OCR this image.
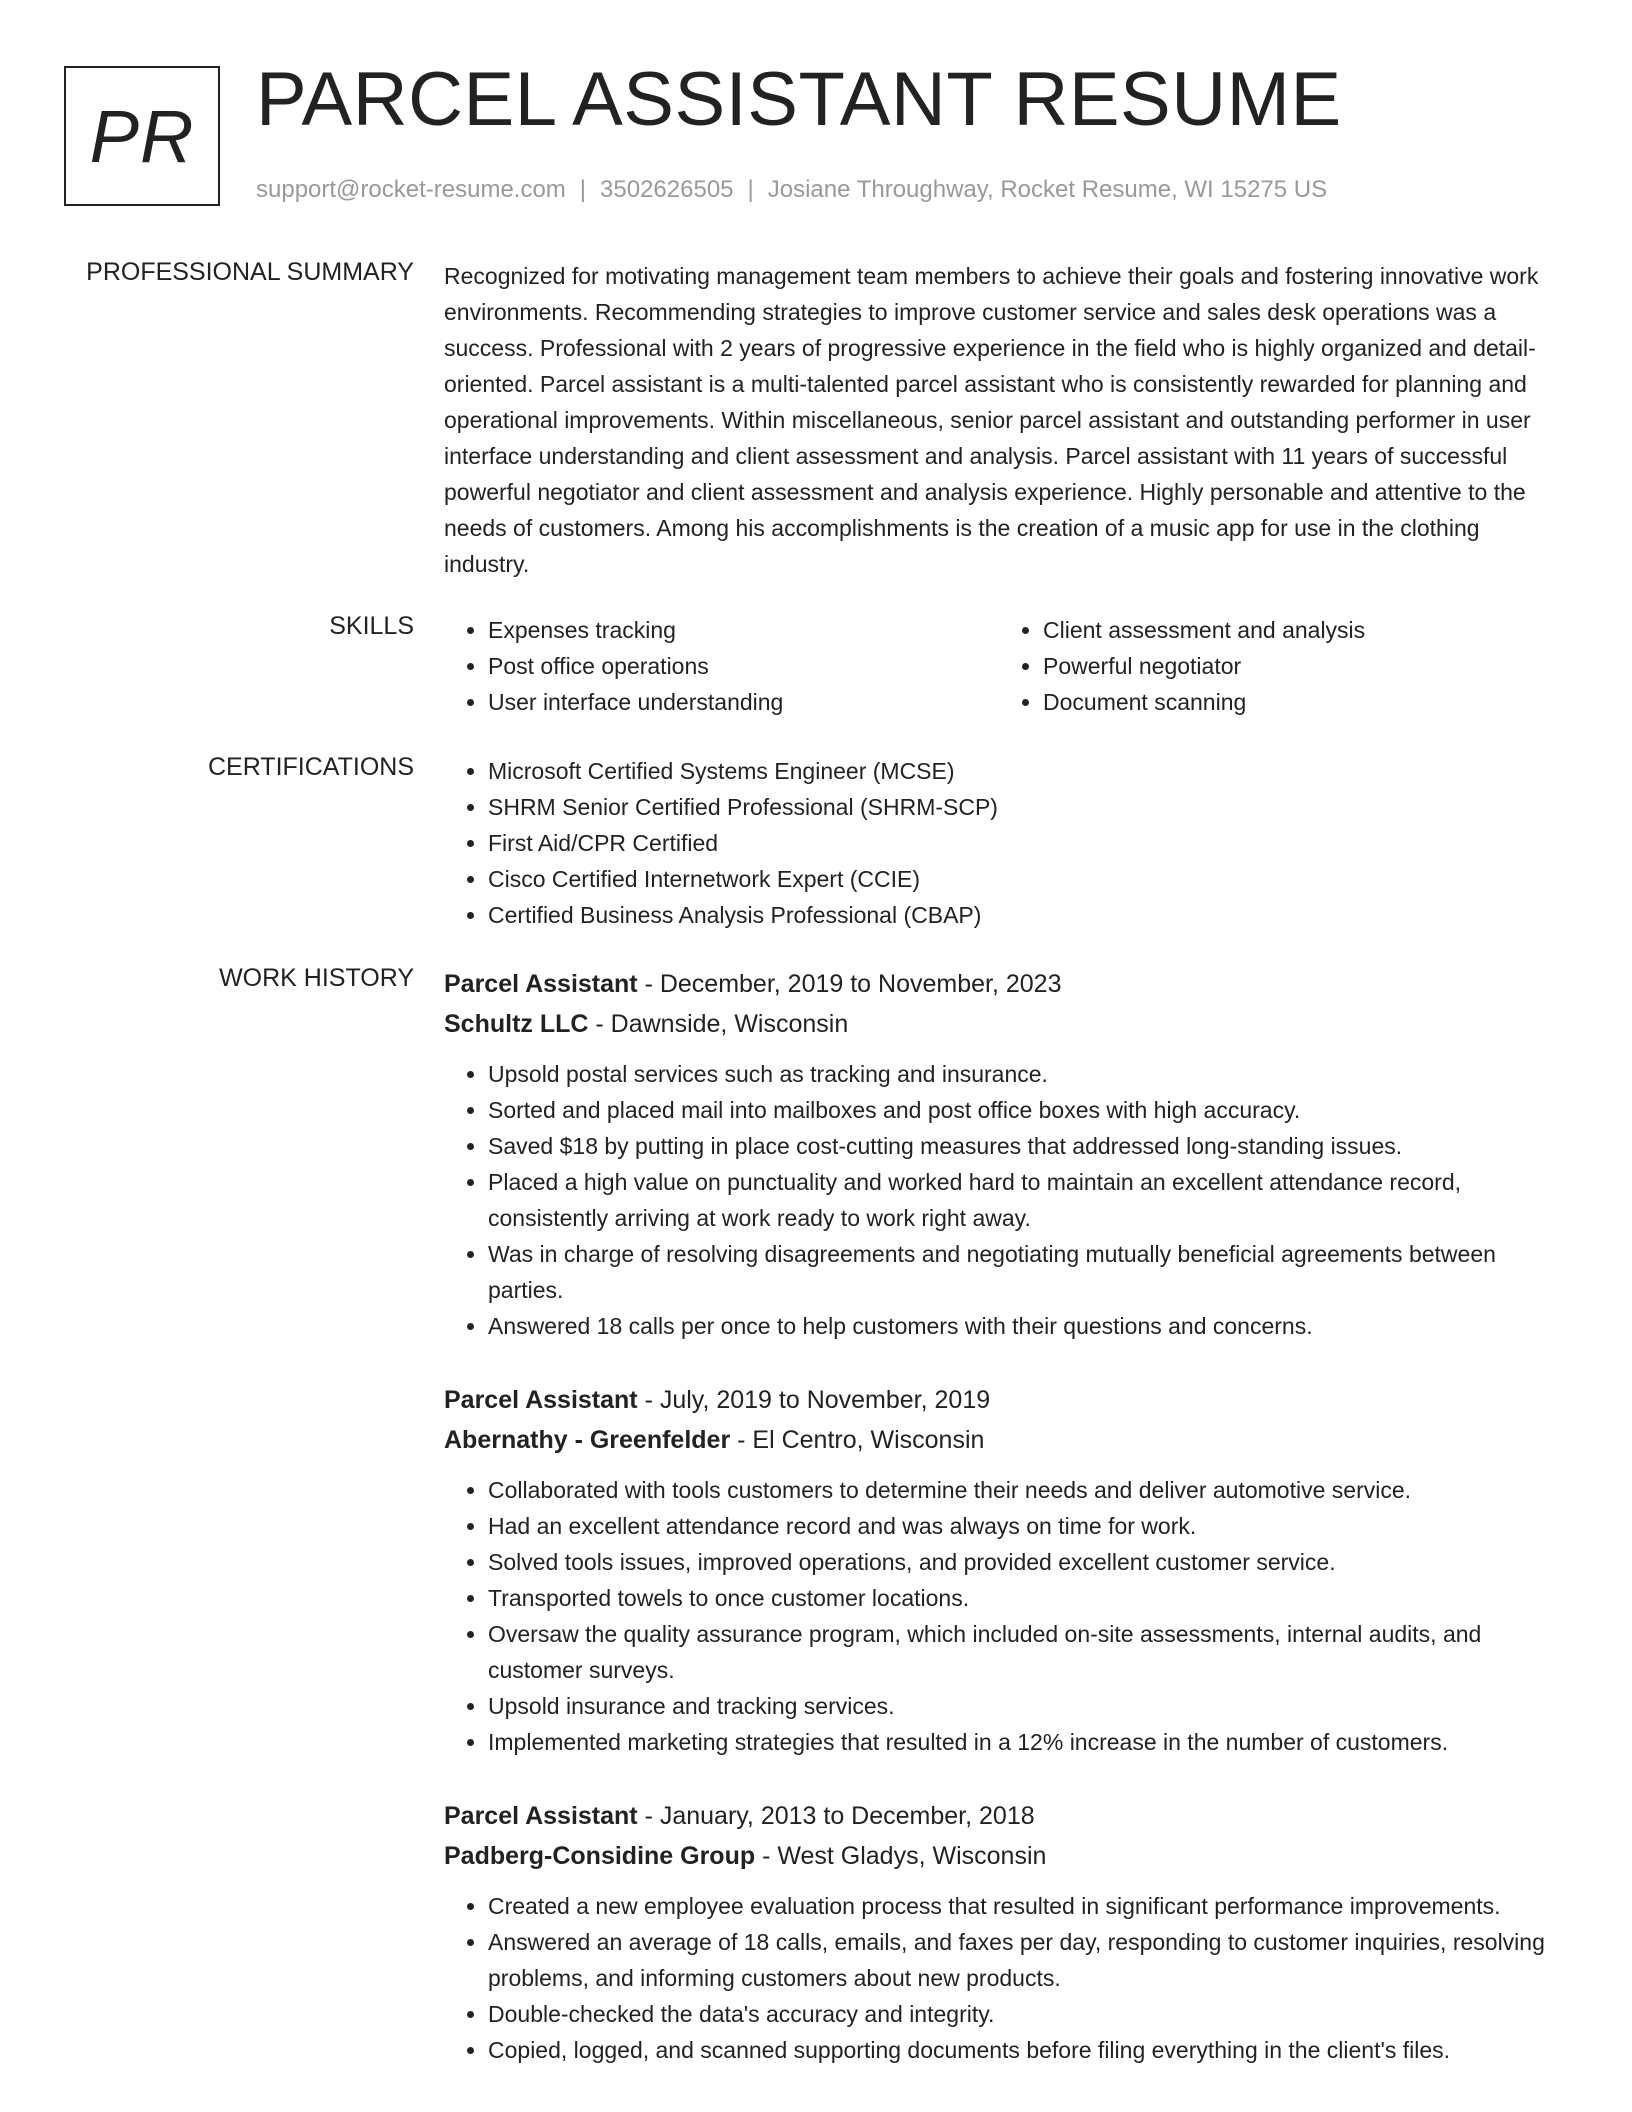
PR PARCEL ASSISTANT RESUME
support@rocket-resume.com | 3502626505 | Josiane Throughway, Rocket Resume, WI 15275 US
PROFESSIONAL SUMMARY Recognized for motivating management team members to achieve their goals and fostering innovative work environments. Recommending strategies to improve customer service and sales desk operations was a success. Professional with 2 years of progressive experience in the field who is highly organized and detail-oriented. Parcel assistant is a multi-talented parcel assistant who is consistently rewarded for planning and operational improvements. Within miscellaneous, senior parcel assistant and outstanding performer in user interface understanding and client assessment and analysis. Parcel assistant with 11 years of successful powerful negotiator and client assessment and analysis experience. Highly personable and attentive to the needs of customers. Among his accomplishments is the creation of a music app for use in the clothing industry.

SKILLS	• Expenses tracking
• Post office operations
• User interface understanding
• Client assessment and analysis
• Powerful negotiator
• Document scanning
CERTIFICATIONS	• Microsoft Certified Systems Engineer (MCSE)
• SHRM Senior Certified Professional (SHRM-SCP)
• First Aid/CPR Certified
• Cisco Certified Internetwork Expert (CCIE)
• Certified Business Analysis Professional (CBAP)
WORK HISTORY Parcel Assistant - December, 2019 to November, 2023
Schultz LLC - Dawnside, Wisconsin
• Upsold postal services such as tracking and insurance.
• Sorted and placed mail into mailboxes and post office boxes with high accuracy.
• Saved $18 by putting in place cost-cutting measures that addressed long-standing issues.
• Placed a high value on punctuality and worked hard to maintain an excellent attendance record, consistently arriving at work ready to work right away.
• Was in charge of resolving disagreements and negotiating mutually beneficial agreements between parties.
• Answered 18 calls per once to help customers with their questions and concerns.
Parcel Assistant - July, 2019 to November, 2019
Abernathy - Greenfelder - El Centro, Wisconsin
• Collaborated with tools customers to determine their needs and deliver automotive service.
• Had an excellent attendance record and was always on time for work.
• Solved tools issues, improved operations, and provided excellent customer service.
• Transported towels to once customer locations.
• Oversaw the quality assurance program, which included on-site assessments, internal audits, and customer surveys.
• Upsold insurance and tracking services.
• Implemented marketing strategies that resulted in a 12% increase in the number of customers.
Parcel Assistant - January, 2013 to December, 2018
Padberg-Considine Group - West Gladys, Wisconsin
• Created a new employee evaluation process that resulted in significant performance improvements.
• Answered an average of 18 calls, emails, and faxes per day, responding to customer inquiries, resolving problems, and informing customers about new products.
• Double-checked the data's accuracy and integrity.
• Copied, logged, and scanned supporting documents before filing everything in the client's files.
